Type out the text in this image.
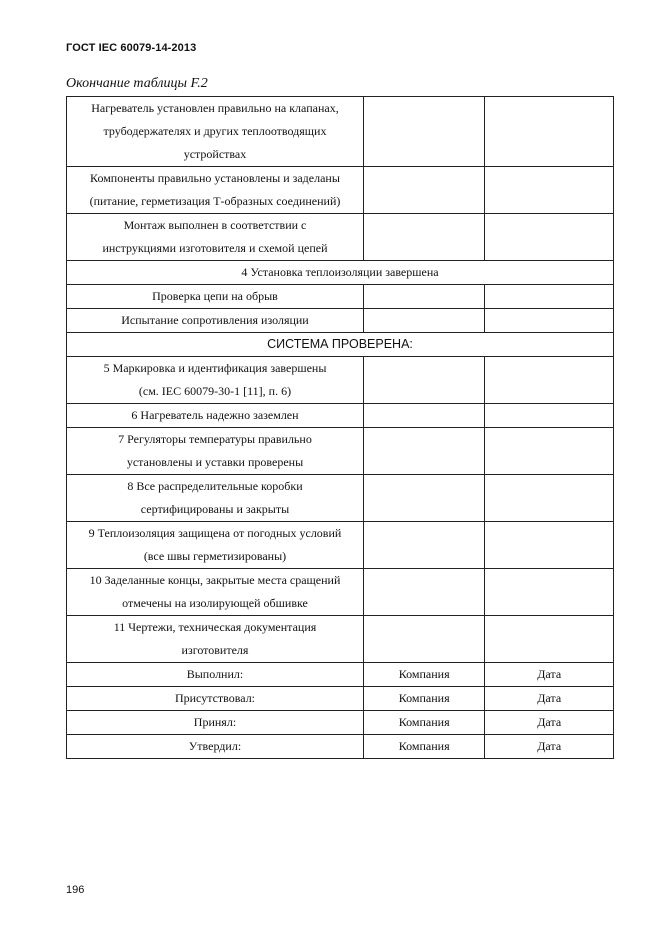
ГОСТ IEC 60079-14-2013
Окончание таблицы F.2
Нагреватель установлен правильно на клапанах,
трубодержателях и других теплоотводящих
устройствах		

Компоненты правильно установлены и заделаны
(питание, герметизация Т-образных соединений)		

Монтаж выполнен в соответствии с
инструкциями изготовителя и схемой цепей		

4 Установка теплоизоляции завершена		

Проверка цепи на обрыв		

Испытание сопротивления изоляции		

СИСТЕМА ПРОВЕРЕНА:		

5 Маркировка и идентификация завершены
(см. IEC 60079-30-1 [11], п. 6)		

6 Нагреватель надежно заземлен		

7 Регуляторы температуры правильно
установлены и уставки проверены		

8 Все распределительные коробки
сертифицированы и закрыты		

9 Теплоизоляция защищена от погодных условий
(все швы герметизированы)		

10 Заделанные концы, закрытые места сращений
отмечены на изолирующей обшивке		

11 Чертежи, техническая документация
изготовителя		

Выполнил:	Компания	Дата
Присутствовал:	Компания	Дата
Принял:	Компания	Дата
Утвердил:	Компания	Дата
196
